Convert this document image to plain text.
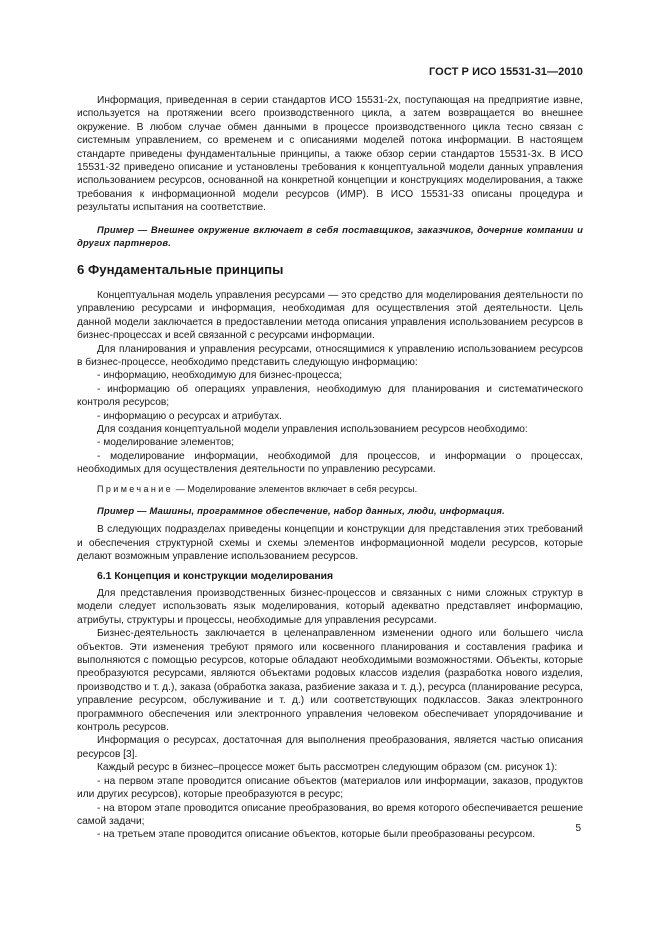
ГОСТ Р ИСО 15531-31—2010

Информация, приведенная в серии стандартов ИСО 15531-2х, поступающая на предприятие извне, используется на протяжении всего производственного цикла, а затем возвращается во внешнее окружение. В любом случае обмен данными в процессе производственного цикла тесно связан с системным управлением, со временем и с описаниями моделей потока информации. В настоящем стандарте приведены фундаментальные принципы, а также обзор серии стандартов 15531-3х. В ИСО 15531-32 приведено описание и установлены требования к концептуальной модели данных управления использованием ресурсов, основанной на конкретной концепции и конструкциях моделирования, а также требования к информационной модели ресурсов (ИМР). В ИСО 15531-33 описаны процедура и результаты испытания на соответствие.

Пример — Внешнее окружение включает в себя поставщиков, заказчиков, дочерние компании и других партнеров.

6 Фундаментальные принципы

Концептуальная модель управления ресурсами — это средство для моделирования деятельности по управлению ресурсами и информация, необходимая для осуществления этой деятельности. Цель данной модели заключается в предоставлении метода описания управления использованием ресурсов в бизнес-процессах и всей связанной с ресурсами информации.

Для планирования и управления ресурсами, относящимися к управлению использованием ресурсов в бизнес-процессе, необходимо представить следующую информацию:

- информацию, необходимую для бизнес-процесса;

- информацию об операциях управления, необходимую для планирования и систематического контроля ресурсов;

- информацию о ресурсах и атрибутах.

Для создания концептуальной модели управления использованием ресурсов необходимо:

- моделирование элементов;

- моделирование информации, необходимой для процессов, и информации о процессах, необходимых для осуществления деятельности по управлению ресурсами.

Примечание — Моделирование элементов включает в себя ресурсы.

Пример — Машины, программное обеспечение, набор данных, люди, информация.

В следующих подразделах приведены концепции и конструкции для представления этих требований и обеспечения структурной схемы и схемы элементов информационной модели ресурсов, которые делают возможным управление использованием ресурсов.

6.1 Концепция и конструкции моделирования

Для представления производственных бизнес-процессов и связанных с ними сложных структур в модели следует использовать язык моделирования, который адекватно представляет информацию, атрибуты, структуры и процессы, необходимые для управления ресурсами.

Бизнес-деятельность заключается в целенаправленном изменении одного или большего числа объектов. Эти изменения требуют прямого или косвенного планирования и составления графика и выполняются с помощью ресурсов, которые обладают необходимыми возможностями. Объекты, которые преобразуются ресурсами, являются объектами родовых классов изделия (разработка нового изделия, производство и т. д.), заказа (обработка заказа, разбиение заказа и т. д.), ресурса (планирование ресурса, управление ресурсом, обслуживание и т. д.) или соответствующих подклассов. Заказ электронного программного обеспечения или электронного управления человеком обеспечивает упорядочивание и контроль ресурсов.

Информация о ресурсах, достаточная для выполнения преобразования, является частью описания ресурсов [3].

Каждый ресурс в бизнес–процессе может быть рассмотрен следующим образом (см. рисунок 1):

- на первом этапе проводится описание объектов (материалов или информации, заказов, продуктов или других ресурсов), которые преобразуются в ресурс;

- на втором этапе проводится описание преобразования, во время которого обеспечивается решение самой задачи;

- на третьем этапе проводится описание объектов, которые были преобразованы ресурсом.

5
